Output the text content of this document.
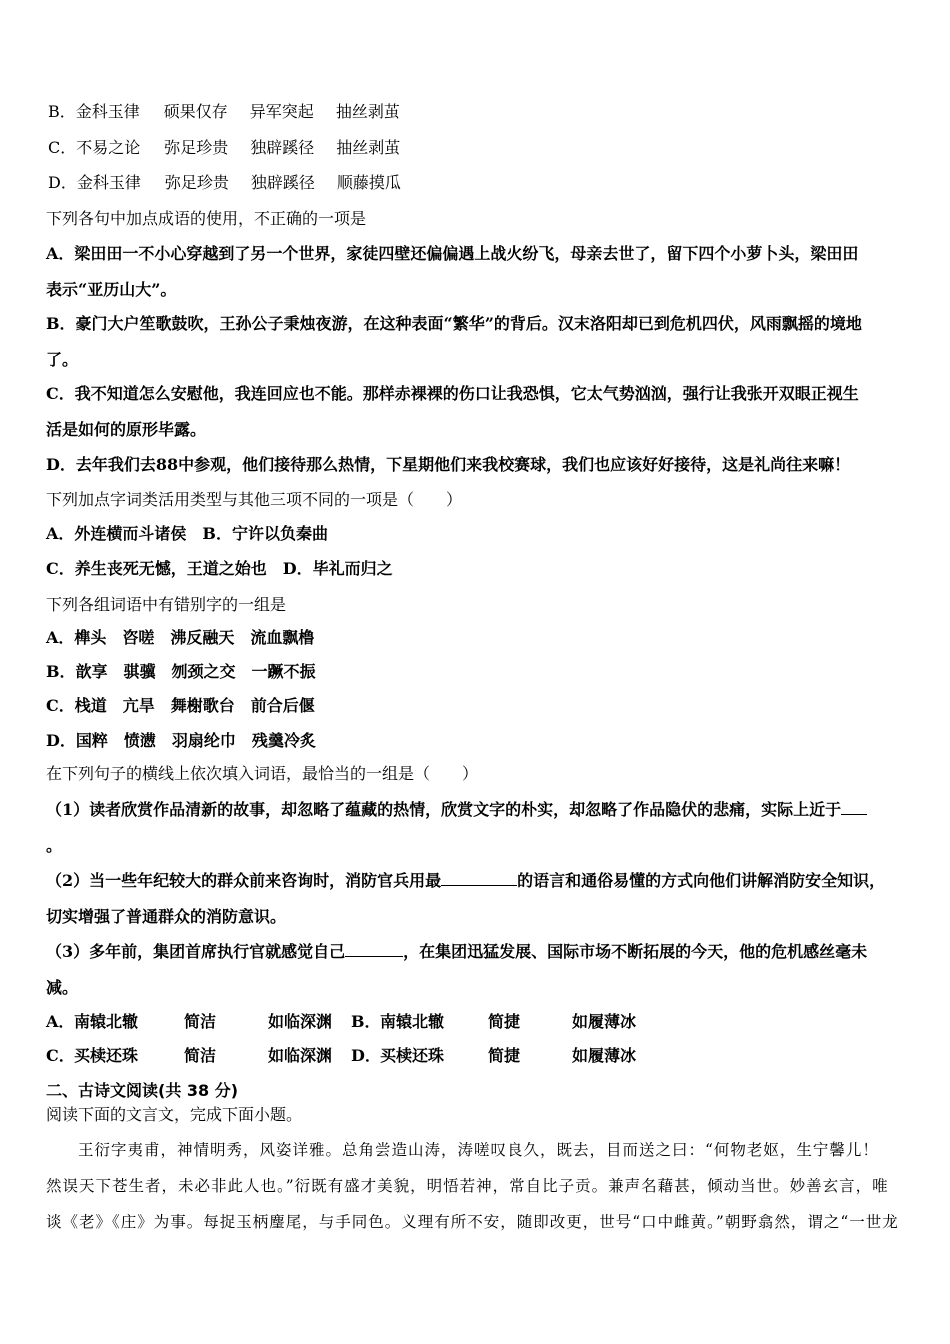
B．金科玉律 硕果仅存 异军突起 抽丝剥茧
C．不易之论 弥足珍贵 独辟蹊径 抽丝剥茧
D．金科玉律 弥足珍贵 独辟蹊径 顺藤摸瓜
下列各句中加点成语的使用，不正确的一项是
A．梁田田一不小心穿越到了另一个世界，家徒四壁还偏偏遇上战火纷飞，母亲去世了，留下四个小萝卜头，梁田田
表示“亚历山大”。
B．豪门大户笙歌鼓吹，王孙公子秉烛夜游，在这种表面“繁华”的背后。汉末洛阳却已到危机四伏，风雨飘摇的境地
了。
C．我不知道怎么安慰他，我连回应也不能。那样赤裸裸的伤口让我恐惧，它太气势汹汹，强行让我张开双眼正视生
活是如何的原形毕露。
D．去年我们去88中参观，他们接待那么热情，下星期他们来我校赛球，我们也应该好好接待，这是礼尚往来嘛！
下列加点字词类活用类型与其他三项不同的一项是（　　）
A．外连横而斗诸侯　B．宁许以负秦曲
C．养生丧死无憾，王道之始也　D．毕礼而归之
下列各组词语中有错别字的一组是
A．榫头　咨嗟　沸反融天　流血飘橹
B．歆享　骐骥　刎颈之交　一蹶不振
C．栈道　亢旱　舞榭歌台　前合后偃
D．国粹　愤懑　羽扇纶巾　残羹冷炙
在下列句子的横线上依次填入词语，最恰当的一组是（　　）
（1）读者欣赏作品清新的故事，却忽略了蕴藏的热情，欣赏文字的朴实，却忽略了作品隐伏的悲痛，实际上近于
。
（2）当一些年纪较大的群众前来咨询时，消防官兵用最	的语言和通俗易懂的方式向他们讲解消防安全知识，
切实增强了普通群众的消防意识。
（3）多年前，集团首席执行官就感觉自己	，在集团迅猛发展、国际市场不断拓展的今天，他的危机感丝毫未
减。
A． 南辕北辙	简洁	如临深渊 B． 南辕北辙	简捷	如履薄冰
C． 买椟还珠	简洁	如临深渊 D． 买椟还珠	简捷	如履薄冰
二、古诗文阅读(共 38 分)
阅读下面的文言文，完成下面小题。
王衍字夷甫，神情明秀，风姿详雅。总角尝造山涛，涛嗟叹良久，既去，目而送之曰：“何物老妪，生宁馨儿！
然误天下苍生者，未必非此人也。”衍既有盛才美貌，明悟若神，常自比子贡。兼声名藉甚，倾动当世。妙善玄言，唯
谈《老》《庄》为事。每捉玉柄麈尾，与手同色。义理有所不安，随即改更，世号“口中雌黄。”朝野翕然，谓之“一世龙
